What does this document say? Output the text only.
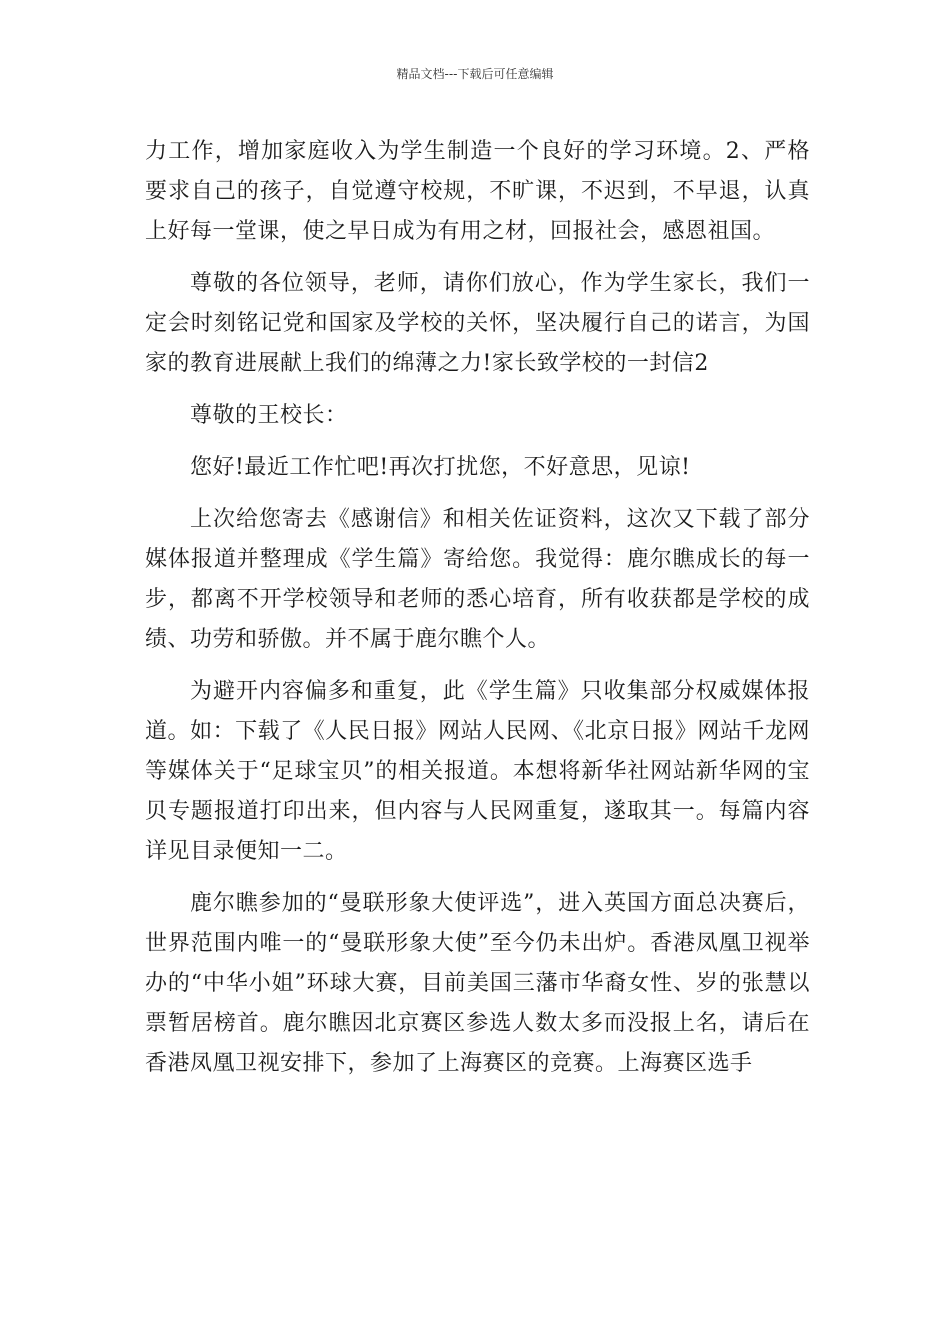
精品文档---下载后可任意编辑

力工作，增加家庭收入为学生制造一个良好的学习环境。2、严格要求自己的孩子，自觉遵守校规，不旷课，不迟到，不早退，认真上好每一堂课，使之早日成为有用之材，回报社会，感恩祖国。

尊敬的各位领导，老师，请你们放心，作为学生家长，我们一定会时刻铭记党和国家及学校的关怀，坚决履行自己的诺言，为国家的教育进展献上我们的绵薄之力!家长致学校的一封信2

尊敬的王校长：

您好!最近工作忙吧!再次打扰您，不好意思，见谅!

上次给您寄去《感谢信》和相关佐证资料，这次又下载了部分媒体报道并整理成《学生篇》寄给您。我觉得：鹿尔瞧成长的每一步，都离不开学校领导和老师的悉心培育，所有收获都是学校的成绩、功劳和骄傲。并不属于鹿尔瞧个人。

为避开内容偏多和重复，此《学生篇》只收集部分权威媒体报道。如：下载了《人民日报》网站人民网、《北京日报》网站千龙网等媒体关于“足球宝贝”的相关报道。本想将新华社网站新华网的宝贝专题报道打印出来，但内容与人民网重复，遂取其一。每篇内容详见目录便知一二。

鹿尔瞧参加的“曼联形象大使评选”，进入英国方面总决赛后，世界范围内唯一的“曼联形象大使”至今仍未出炉。香港凤凰卫视举办的“中华小姐”环球大赛，目前美国三藩市华裔女性、岁的张慧以票暂居榜首。鹿尔瞧因北京赛区参选人数太多而没报上名，请后在香港凤凰卫视安排下，参加了上海赛区的竞赛。上海赛区选手
